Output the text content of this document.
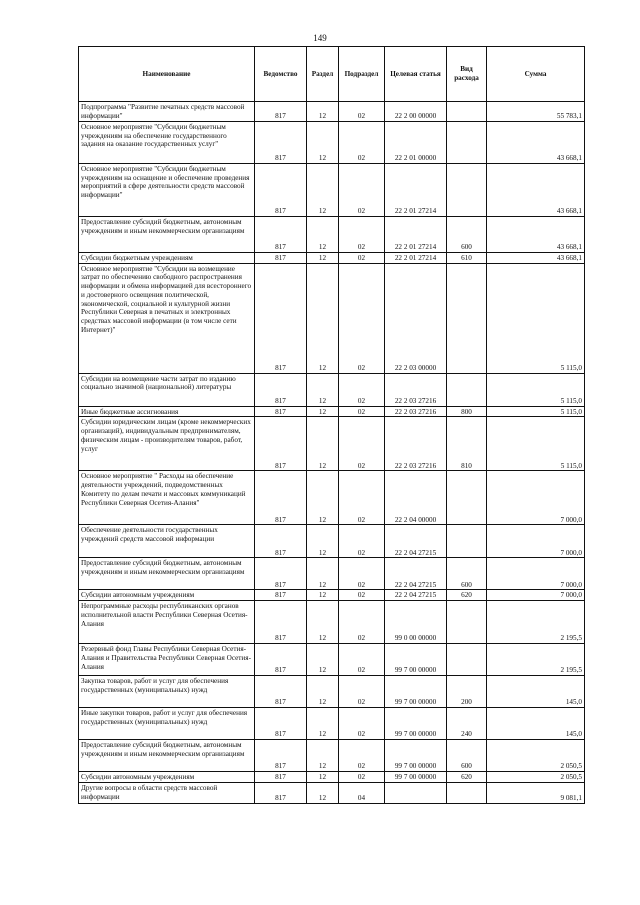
149
Наименование	Ведомство	Раздел	Подраздел	Целевая статья	Вид расхода	Сумма
Подпрограмма "Развитие печатных средств массовой информации"	817	12	02	22 2 00 00000		55 783,1
Основное мероприятие "Субсидии бюджетным учреждениям на обеспечение государственного задания на оказание государственных услуг"	817	12	02	22 2 01 00000		43 668,1
Основное мероприятие "Субсидии бюджетным учреждениям на оснащение и обеспечение проведения мероприятий в сфере деятельности средств массовой информации"	817	12	02	22 2 01 27214		43 668,1
Предоставление субсидий бюджетным, автономным учреждениям и иным некоммерческим организациям	817	12	02	22 2 01 27214	600	43 668,1
Субсидии бюджетным учреждениям	817	12	02	22 2 01 27214	610	43 668,1
Основное мероприятие "Субсидии на возмещение затрат по обеспечению свободного распространения информации и обмена информацией для всестороннего и достоверного освещения политической, экономической, социальной и культурной жизни Республики Северная в печатных и электронных средствах массовой информации (в том числе сети Интернет)"	817	12	02	22 2 03 00000		5 115,0
Субсидии на возмещение части затрат по изданию социально значимой (национальной) литературы	817	12	02	22 2 03 27216		5 115,0
Иные бюджетные ассигнования	817	12	02	22 2 03 27216	800	5 115,0
Субсидии юридическим лицам (кроме некоммерческих организаций), индивидуальным предпринимателям, физическим лицам - производителям товаров, работ, услуг	817	12	02	22 2 03 27216	810	5 115,0
Основное мероприятие " Расходы на обеспечение деятельности учреждений, подведомственных Комитету по делам печати и массовых коммуникаций Республики Северная Осетия-Алания"	817	12	02	22 2 04 00000		7 000,0
Обеспечение деятельности государственных учреждений средств массовой информации	817	12	02	22 2 04 27215		7 000,0
Предоставление субсидий бюджетным, автономным учреждениям и иным некоммерческим организациям	817	12	02	22 2 04 27215	600	7 000,0
Субсидии автономным учреждениям	817	12	02	22 2 04 27215	620	7 000,0
Непрограммные расходы республиканских органов исполнительной власти Республики Северная Осетия-Алания	817	12	02	99 0 00 00000		2 195,5
Резервный фонд Главы Республики Северная Осетия-Алания и Правительства Республики Северная Осетия-Алания	817	12	02	99 7 00 00000		2 195,5
Закупка товаров, работ и услуг для обеспечения государственных (муниципальных) нужд	817	12	02	99 7 00 00000	200	145,0
Иные закупки товаров, работ и услуг для обеспечения государственных (муниципальных) нужд	817	12	02	99 7 00 00000	240	145,0
Предоставление субсидий бюджетным, автономным учреждениям и иным некоммерческим организациям	817	12	02	99 7 00 00000	600	2 050,5
Субсидии автономным учреждениям	817	12	02	99 7 00 00000	620	2 050,5
Другие вопросы в области средств массовой информации	817	12	04			9 081,1
